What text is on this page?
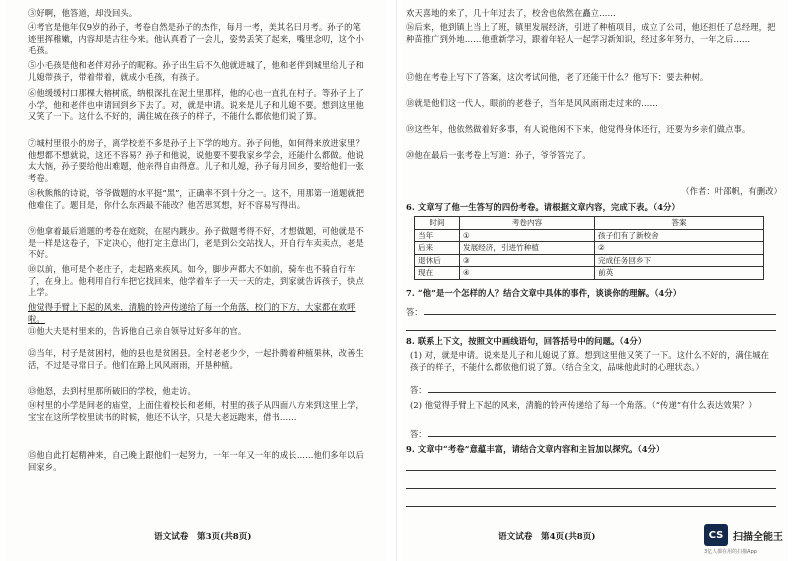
③好啊，他答道，却没回头。
④考官是他年仅9岁的孙子，考卷自然是孙子的杰作，每月一考，美其名曰月考。孙子的笔迹里挥稚嫩，内容却是古往今来。他认真看了一会儿，姿势丢笑了起来，嘴里念叨，这个小毛孩。
⑤小毛孩是他和老伴对孙子的昵称。孙子出生后不久他就进城了，他和老伴到城里给儿子和儿媳带孩子，带着带着，就成小毛孩，有孩子。
⑥他缓缓村口那棵大榕树底，纳根深扎在泥土里那样，他的心也一直扎在村子。等孙子上了小学，他和老伴也申请回到乡下去了。对，就是申请。说来是儿子和儿媳不要。想到这里他又笑了一下。这什么不好的，满住城在孩子的样子，不能什么都依他们说了算。
⑦城村里很小的房子，离学校差不多是孙子上下学的地方。孙子问他，如何得来放进家里？他想都不想就说，这还不容易？孙子和他说，说他要不要我家乡学会，还能什么都做。他说太大恼，孙子要给他出难题，他亲得自由得意。儿子和儿媳，孙子每月回乡，要给他们一张考卷。
⑧秋熊熊的诗说，爷爷做题的水平挺“黑”，正确率不到十分之一。这不，用那第一道题就把他难住了。题目是，你什么东西最不能改？他苦思冥想，好不容易写得出。
⑨他拿着最后道题的考卷在庭院，在屋内踱步。孙子做题考得不好，才想做题，可他就是不是一样是这卷子，下定决心，他打定主意出门，老是到公交站找人，开自行车卖卖点，老是不好。
⑩以前，他可是个老庄子，走起路来疾风。如今，脚步声都大不如前，骑车也不骑自行车了，在身上。他利用自行车把它找回来，他学着车子一天一天的走，到家就告诉孩子，快点上学。
他觉得手臂上下起的风来，清脆的铃声传递给了每一个角落，校门的下方，大家都在欢呼啦。
⑪他大夫是村里来的，告诉他自己亲自领导过好多年的官。
⑫当年，村子是贫困村，他的县也是贫困县。全村老老少少，一起扑腾着种植果林，改善生活，不过是寻常日子。他们在路上风风雨雨，开垦种植。
⑬他怒，去到村里那所破旧的学校，他走访。
⑭村里的小学是间老的庙堂，上面住着校长和老师，村里的孩子从四面八方来到这里上学，宝宝在这所学校里读书的时候，他还不认字，只是大老远跑来，借书……
⑮他自此打起精神来，自己晚上跟他们一起努力，一年一年又一年的成长……他们多年以后回家乡。
语文试卷　第3页(共8页)
欢天喜地的来了，几十年过去了，校舍也依然在矗立……
⑯后来，他到镇上当上了班，镇里发展经济，引进了种植项目，成立了公司，他还担任了总经理，把种苗推广到外地……他重新学习，跟着年轻人一起学习新知识，经过多年努力，一年之后……
⑰他在考卷上写下了答案，这次考试问他，老了还能干什么？他写下：要去种树。
⑱就是他们这一代人，眼前的老巷子，当年是风风雨雨走过来的……
⑲这些年，他依然做着好多事，有人说他闲不下来，他觉得身体还行，还要为乡亲们做点事。
⑳他在最后一张考卷上写道：孙子，爷爷答完了。
（作者：叶邵帆，有删改）
6. 文章写了他一生答写的四份考卷。请根据文章内容，完成下表。（4分）
时间	考卷内容	答案
当年	①	孩子们有了新校舍
后来	发展经济，引进竹种植	②
退休后	③	完成任务回乡下
现在	④	前英
7. “他”是一个怎样的人？结合文章中具体的事件，谈谈你的理解。（4分）
答：
8. 联系上下文，按照文中画线语句，回答括号中的问题。（4分）
(1) 对，就是申请。说来是儿子和儿媳说了算。想到这里他又笑了一下。这什么不好的，满住城在孩子的样子，不能什么都依他们说了算。（结合全文，品味他此时的心理状态。）
答：
(2) 他觉得手臂上下起的风来，清脆的铃声传递给了每一个角落。（“传递”有什么表达效果？）
答：
9. 文章中“考卷”意蕴丰富，请结合文章内容和主旨加以探究。（4分）
语文试卷　第4页(共8页)	CS 扫描全能王
3亿人都在用的扫描App
